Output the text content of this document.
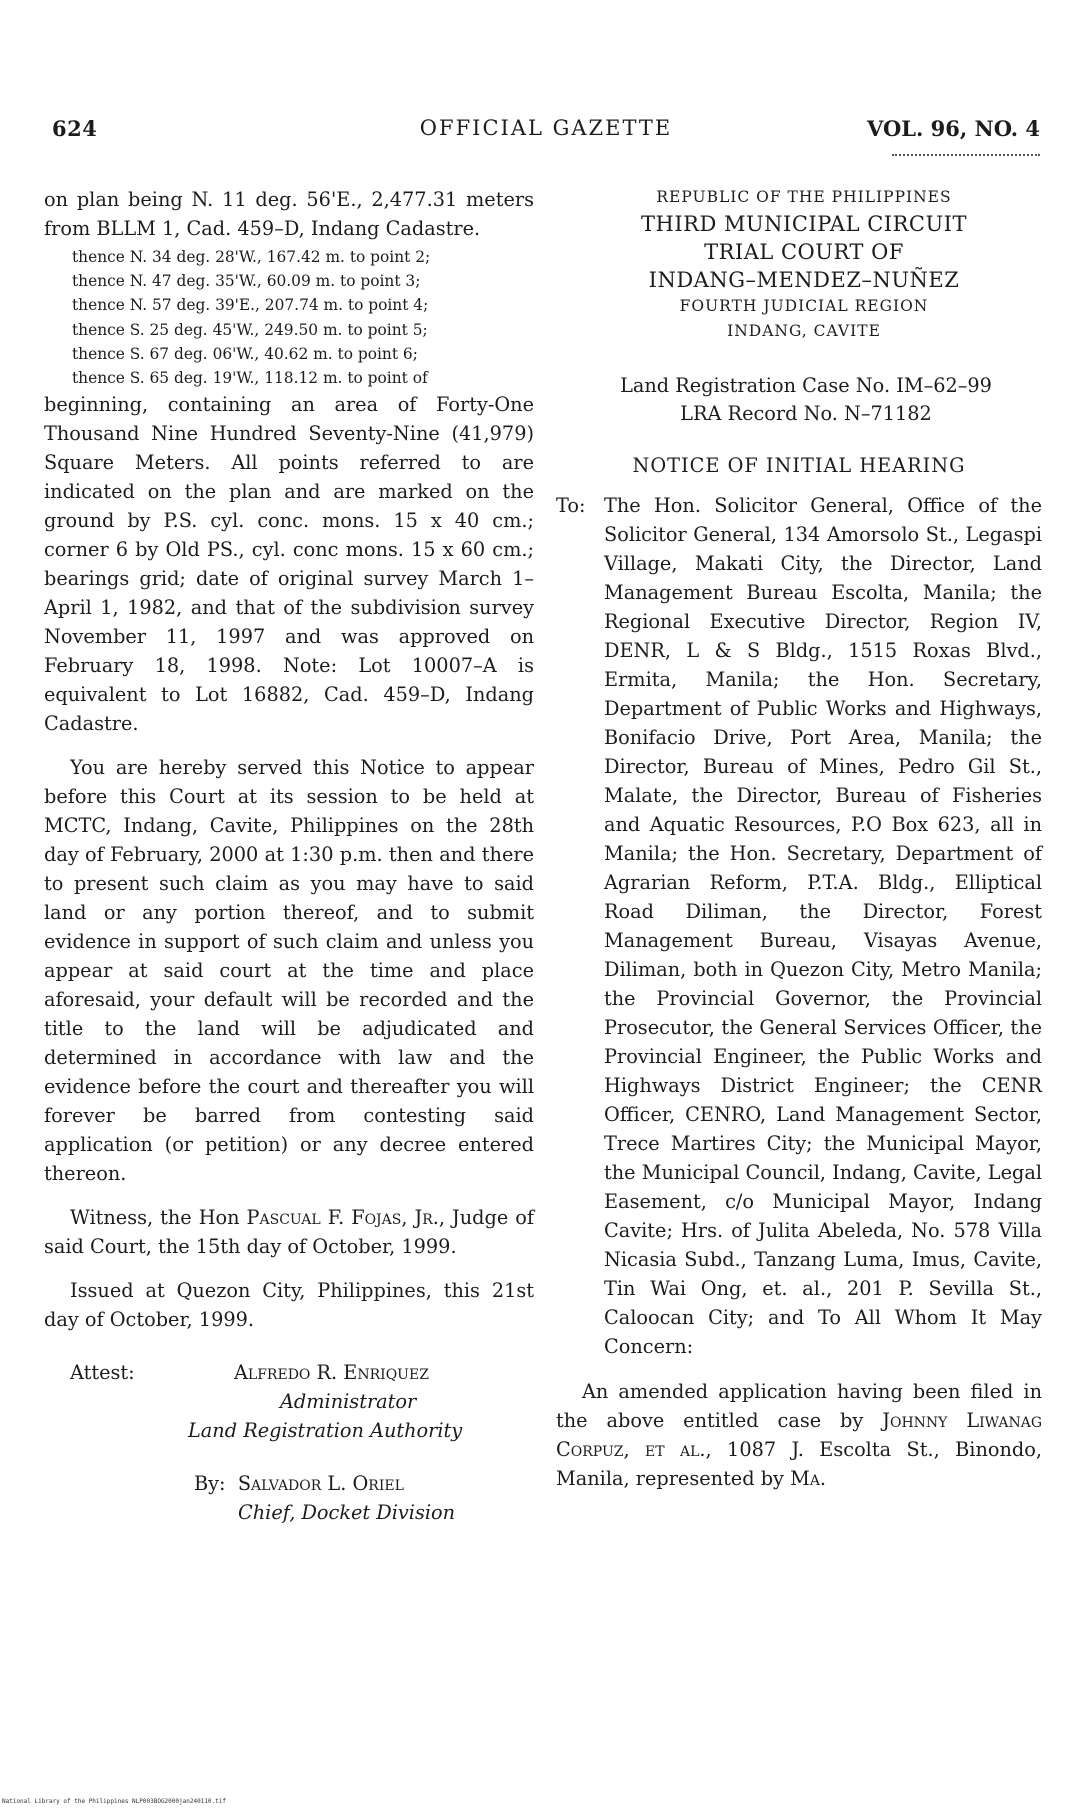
624	OFFICIAL GAZETTE	VOL. 96, NO. 4

on plan being N. 11 deg. 56'E., 2,477.31 meters from BLLM 1, Cad. 459–D, Indang Cadastre.

thence N. 34 deg. 28'W., 167.42 m. to point 2;
thence N. 47 deg. 35'W., 60.09 m. to point 3;
thence N. 57 deg. 39'E., 207.74 m. to point 4;
thence S. 25 deg. 45'W., 249.50 m. to point 5;
thence S. 67 deg. 06'W., 40.62 m. to point 6;
thence S. 65 deg. 19'W., 118.12 m. to point of

beginning, containing an area of Forty-One Thousand Nine Hundred Seventy-Nine (41,979) Square Meters. All points referred to are indicated on the plan and are marked on the ground by P.S. cyl. conc. mons. 15 x 40 cm.; corner 6 by Old PS., cyl. conc mons. 15 x 60 cm.; bearings grid; date of original survey March 1–April 1, 1982, and that of the subdivision survey November 11, 1997 and was approved on February 18, 1998. Note: Lot 10007–A is equivalent to Lot 16882, Cad. 459–D, Indang Cadastre.

You are hereby served this Notice to appear before this Court at its session to be held at MCTC, Indang, Cavite, Philippines on the 28th day of February, 2000 at 1:30 p.m. then and there to present such claim as you may have to said land or any portion thereof, and to submit evidence in support of such claim and unless you appear at said court at the time and place aforesaid, your default will be recorded and the title to the land will be adjudicated and determined in accordance with law and the evidence before the court and thereafter you will forever be barred from contesting said application (or petition) or any decree entered thereon.

Witness, the Hon Pascual F. Fojas, Jr., Judge of said Court, the 15th day of October, 1999.

Issued at Quezon City, Philippines, this 21st day of October, 1999.

Attest:	Alfredo R. Enriquez
Administrator
Land Registration Authority
By: Salvador L. Oriel
Chief, Docket Division
REPUBLIC OF THE PHILIPPINES
THIRD MUNICIPAL CIRCUIT
TRIAL COURT OF
INDANG–MENDEZ–NUÑEZ
FOURTH JUDICIAL REGION
INDANG, CAVITE
Land Registration Case No. IM–62–99
LRA Record No. N–71182
NOTICE OF INITIAL HEARING
To: The Hon. Solicitor General, Office of the Solicitor General, 134 Amorsolo St., Legaspi Village, Makati City, the Director, Land Management Bureau Escolta, Manila; the Regional Executive Director, Region IV, DENR, L & S Bldg., 1515 Roxas Blvd., Ermita, Manila; the Hon. Secretary, Department of Public Works and Highways, Bonifacio Drive, Port Area, Manila; the Director, Bureau of Mines, Pedro Gil St., Malate, the Director, Bureau of Fisheries and Aquatic Resources, P.O Box 623, all in Manila; the Hon. Secretary, Department of Agrarian Reform, P.T.A. Bldg., Elliptical Road Diliman, the Director, Forest Management Bureau, Visayas Avenue, Diliman, both in Quezon City, Metro Manila; the Provincial Governor, the Provincial Prosecutor, the General Services Officer, the Provincial Engineer, the Public Works and Highways District Engineer; the CENR Officer, CENRO, Land Management Sector, Trece Martires City; the Municipal Mayor, the Municipal Council, Indang, Cavite, Legal Easement, c/o Municipal Mayor, Indang Cavite; Hrs. of Julita Abeleda, No. 578 Villa Nicasia Subd., Tanzang Luma, Imus, Cavite, Tin Wai Ong, et. al., 201 P. Sevilla St., Caloocan City; and To All Whom It May Concern:

An amended application having been filed in the above entitled case by Johnny Liwanag Corpuz, et al., 1087 J. Escolta St., Binondo, Manila, represented by Ma.

National Library of the Philippines NLP003BOG2000jan240110.tif
